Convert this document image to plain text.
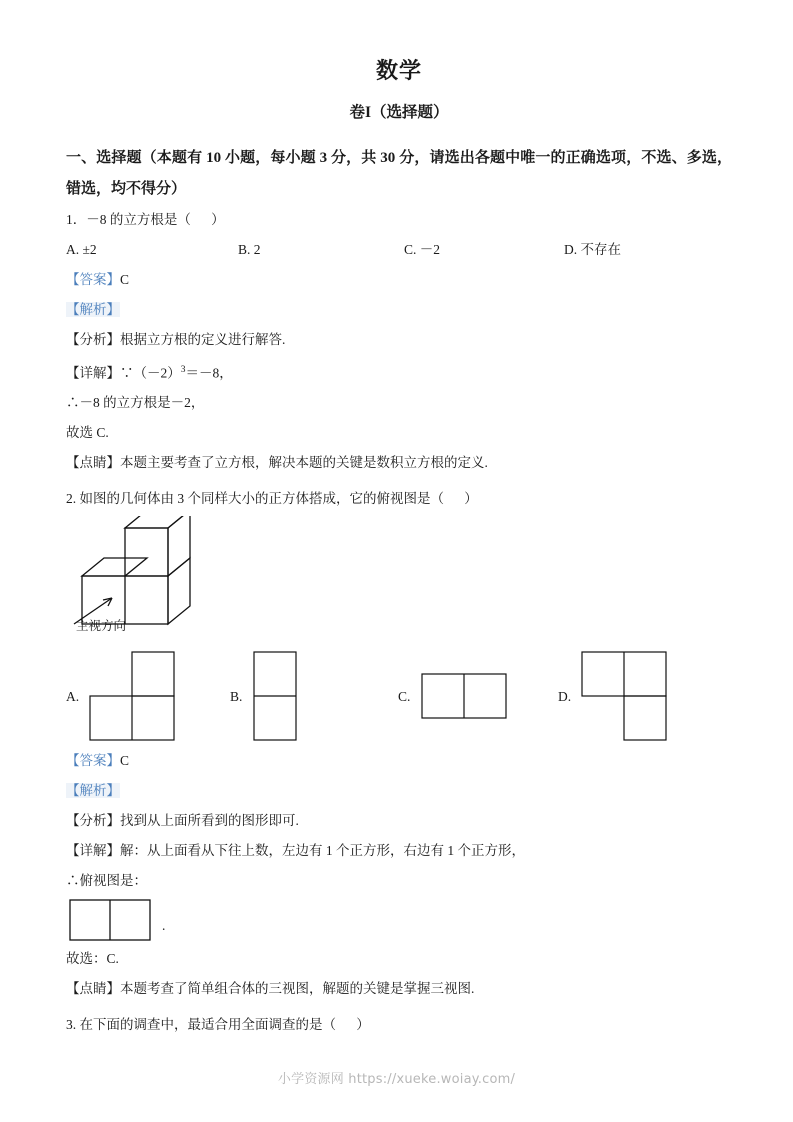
数学
卷I（选择题）
一、选择题（本题有 10 小题，每小题 3 分，共 30 分，请选出各题中唯一的正确选项，不选、多选，错选，均不得分）
1．－8 的立方根是（      ）
A. ±2	B. 2	C. －2	D. 不存在
【答案】C
【解析】
【分析】根据立方根的定义进行解答.
【详解】$\because(-2)^3=-8$，
∴－8 的立方根是－2，
故选 C.
【点睛】本题主要考查了立方根，解决本题的关键是数积立方根的定义.
2. 如图的几何体由 3 个同样大小的正方体搭成，它的俯视图是（      ）
主视方向
A.	B.	C.	D.
【答案】C
【解析】
【分析】找到从上面所看到的图形即可.
【详解】解：从上面看从下往上数，左边有 1 个正方形，右边有 1 个正方形，
∴俯视图是：
.
故选：C.
【点睛】本题考查了简单组合体的三视图，解题的关键是掌握三视图.
3. 在下面的调查中，最适合用全面调查的是（      ）
小学资源网 https://xueke.woiay.com/
